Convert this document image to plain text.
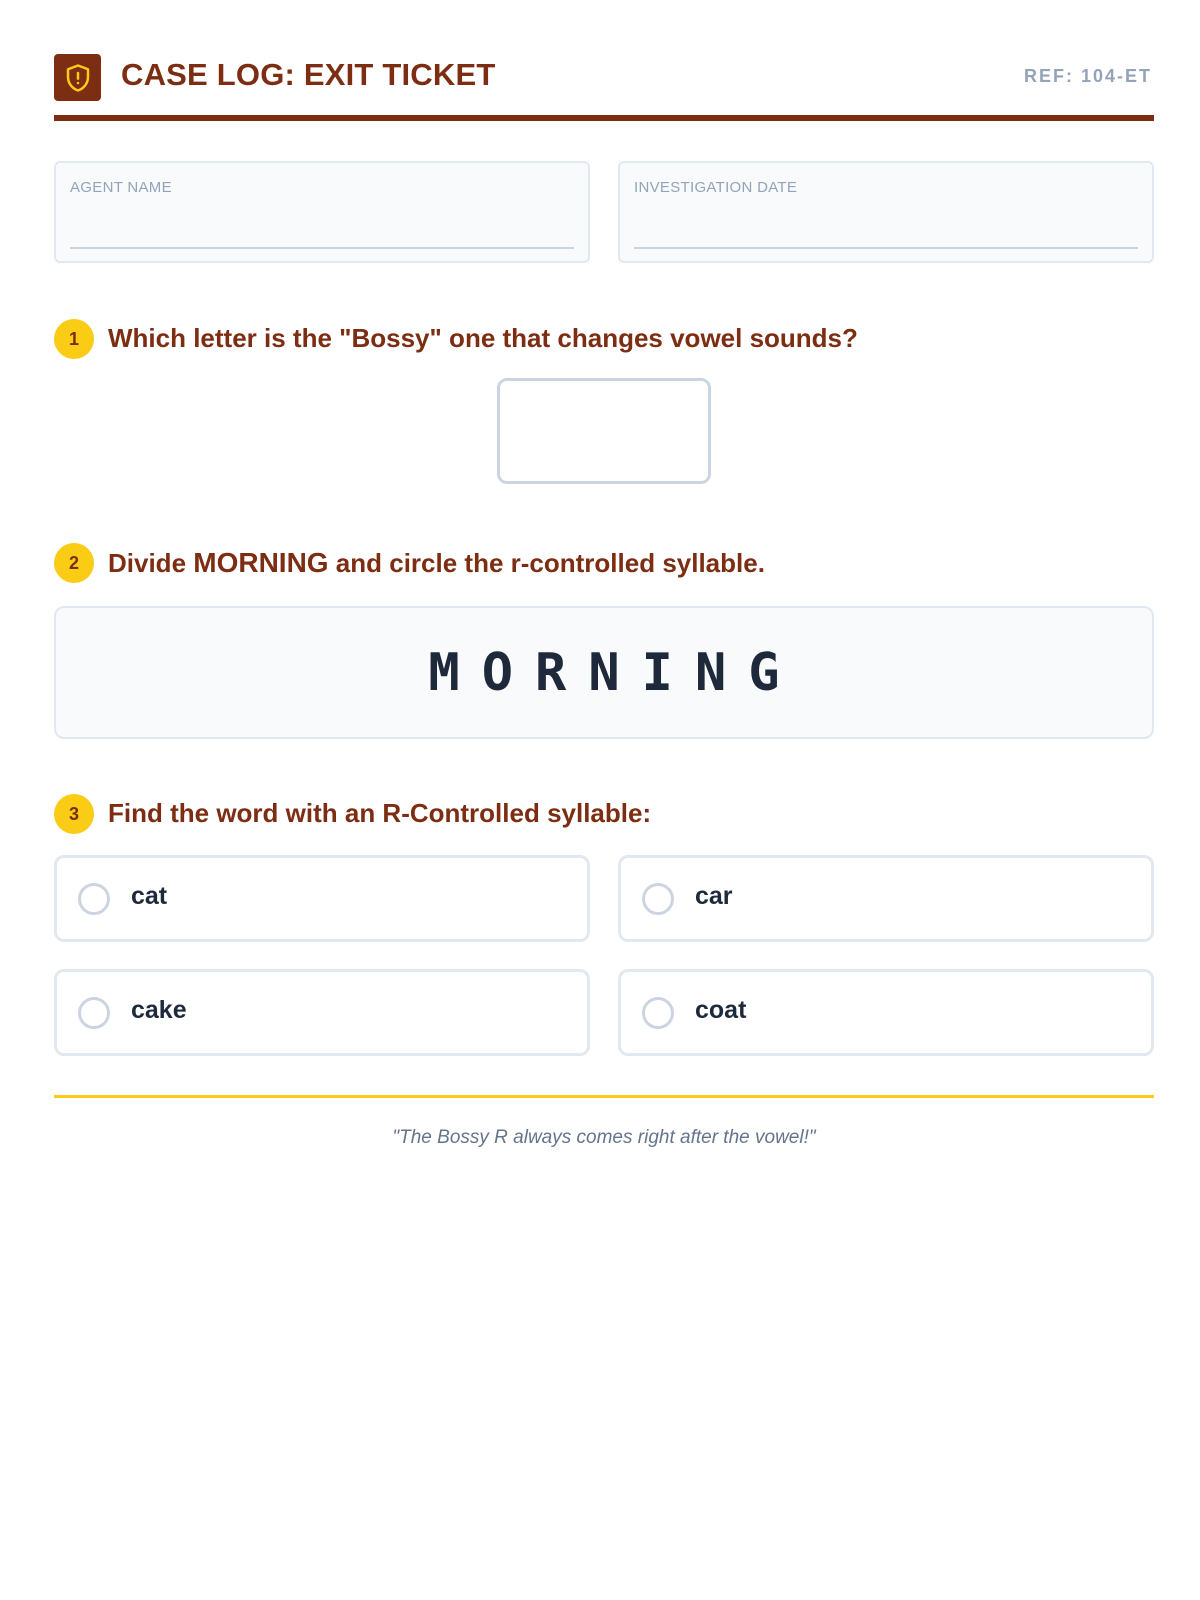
CASE LOG: EXIT TICKET	REF: 104-ET
AGENT NAME	INVESTIGATION DATE
1	Which letter is the "Bossy" one that changes vowel sounds?
2	Divide MORNING and circle the r-controlled syllable.
MORNING
3	Find the word with an R-Controlled syllable:
cat	car
cake	coat
"The Bossy R always comes right after the vowel!"
